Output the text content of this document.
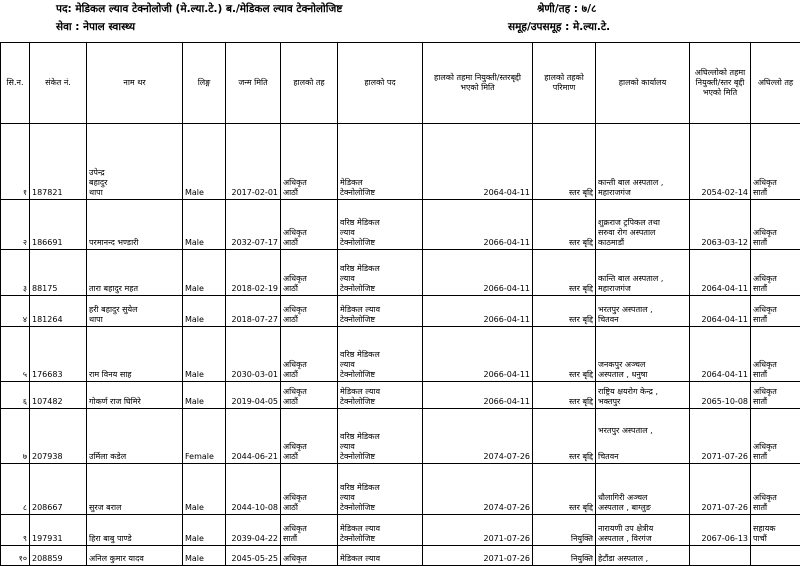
पद: मेडिकल ल्याव टेक्नोलोजी (मे.ल्या.टे.) ब./मेडिकल ल्याव टेक्नोलोजिष्ट	श्रेणी/तह : ७/८
सेवा : नेपाल स्वास्थ्य	समूह/उपसमूह : मे.ल्या.टे.
सि.न.	संकेत नं.	नाम थर	लिङ्ग	जन्म मिति	हालको तह	हालको पद	हालको तहमा नियुक्ती/स्तरबृद्दी भएको मिति	हालको तहको परिमाण	हालको कार्यालय	अघिल्लोको तहमा नियुक्ती/स्तर बृद्दी भएको मिति	अघिल्लो तह
१	187821	उपेन्द्र
बहादुर
थापा	Male	2017-02-01	अधिकृत
आठौं	मेडिकल
टेक्नोलोजिष्ट	2064-04-11	स्तर बृद्दि	कान्ती बाल अस्पताल ,
महाराजगंज	2054-02-14	अधिकृत
सातौं

२	186691	परमानन्द भण्डारी	Male	2032-07-17	अधिकृत
आठौं	वरिष्ठ मेडिकल
ल्याव
टेक्नोलोजिष्ट	2066-04-11	स्तर बृद्दि	शुक्रराज ट्रपिकल तथा
सरुवा रोग अस्पताल
काठमाडौं	2063-03-12	अधिकृत
सातौं

३	88175	तारा बहादुर महत	Male	2018-02-19	अधिकृत
आठौं	वरिष्ठ मेडिकल
ल्याव
टेक्नोलोजिष्ट	2066-04-11	स्तर बृद्दि	कान्ति बाल अस्पताल ,
महाराजगंज	2064-04-11	अधिकृत
सातौं

४	181264	हरी बहादुर सुयेल
थापा	Male	2018-07-27	अधिकृत
आठौं	मेडिकल ल्याव
टेक्नोलोजिष्ट	2066-04-11	स्तर बृद्दि	भरतपुर अस्पताल ,
चितवन	2064-04-11	अधिकृत
सातौं

५	176683	राम विनय साह	Male	2030-03-01	अधिकृत
आठौं	वरिष्ठ मेडिकल
ल्याव
टेक्नोलोजिष्ट	2066-04-11	स्तर बृद्दि	जनकपुर अञ्चल
अस्पताल , धनुषा	2064-04-11	अधिकृत
सातौं

६	107482	गोकर्ण राज घिमिरे	Male	2019-04-05	अधिकृत
आठौं	मेडिकल ल्याव
टेक्नोलोजिष्ट	2066-04-11	स्तर बृद्दि	राष्ट्रिय क्षयरोग केन्द्र ,
भक्तपुर	2065-10-08	अधिकृत
सातौं

७	207938	उर्मिला कडेल	Female	2044-06-21	अधिकृत
आठौं	वरिष्ठ मेडिकल
ल्याव
टेक्नोलोजिष्ट	2074-07-26	स्तर बृद्दि	भरतपुर अस्पताल ,
चितवन	2071-07-26	अधिकृत
सातौं

८	208667	सुरज बराल	Male	2044-10-08	अधिकृत
आठौं	वरिष्ठ मेडिकल
ल्याव
टेक्नोलोजिष्ट	2074-07-26	स्तर बृद्दि	धौलागिरी अञ्चल
अस्पताल , बाग्लुङ	2071-07-26	अधिकृत
सातौं

९	197931	हिरा बाबु पाण्डे	Male	2039-04-22	अधिकृत
सातौं	मेडिकल ल्याव
टेक्नोलोजिष्ट	2071-07-26	नियुक्ति	नारायणी उप क्षेत्रीय
अस्पताल , विरगंज	2067-06-13	सहायक
पाचौं

१०	208859	अनिल कुमार यादव	Male	2045-05-25	अधिकृत	मेडिकल ल्याव	2071-07-26	नियुक्ति	हेटौंडा अस्पताल ,		
